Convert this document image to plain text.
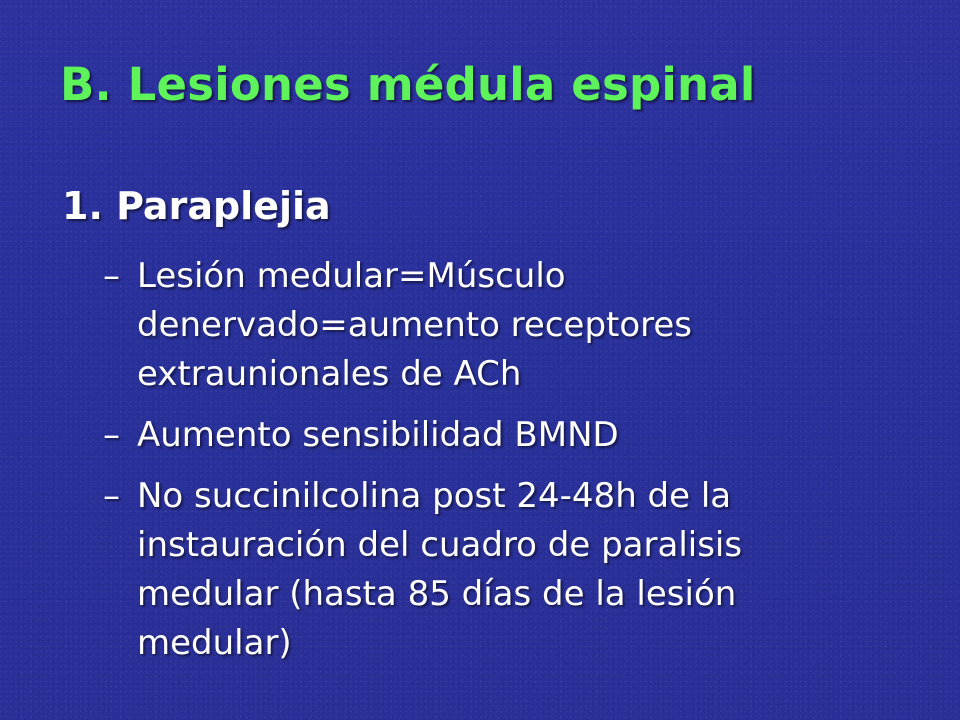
B. Lesiones médula espinal
1. Paraplejia
– Lesión medular=Músculo denervado=aumento receptores extraunionales de ACh
– Aumento sensibilidad BMND
– No succinilcolina post 24-48h de la instauración del cuadro de paralisis medular (hasta 85 días de la lesión medular)
